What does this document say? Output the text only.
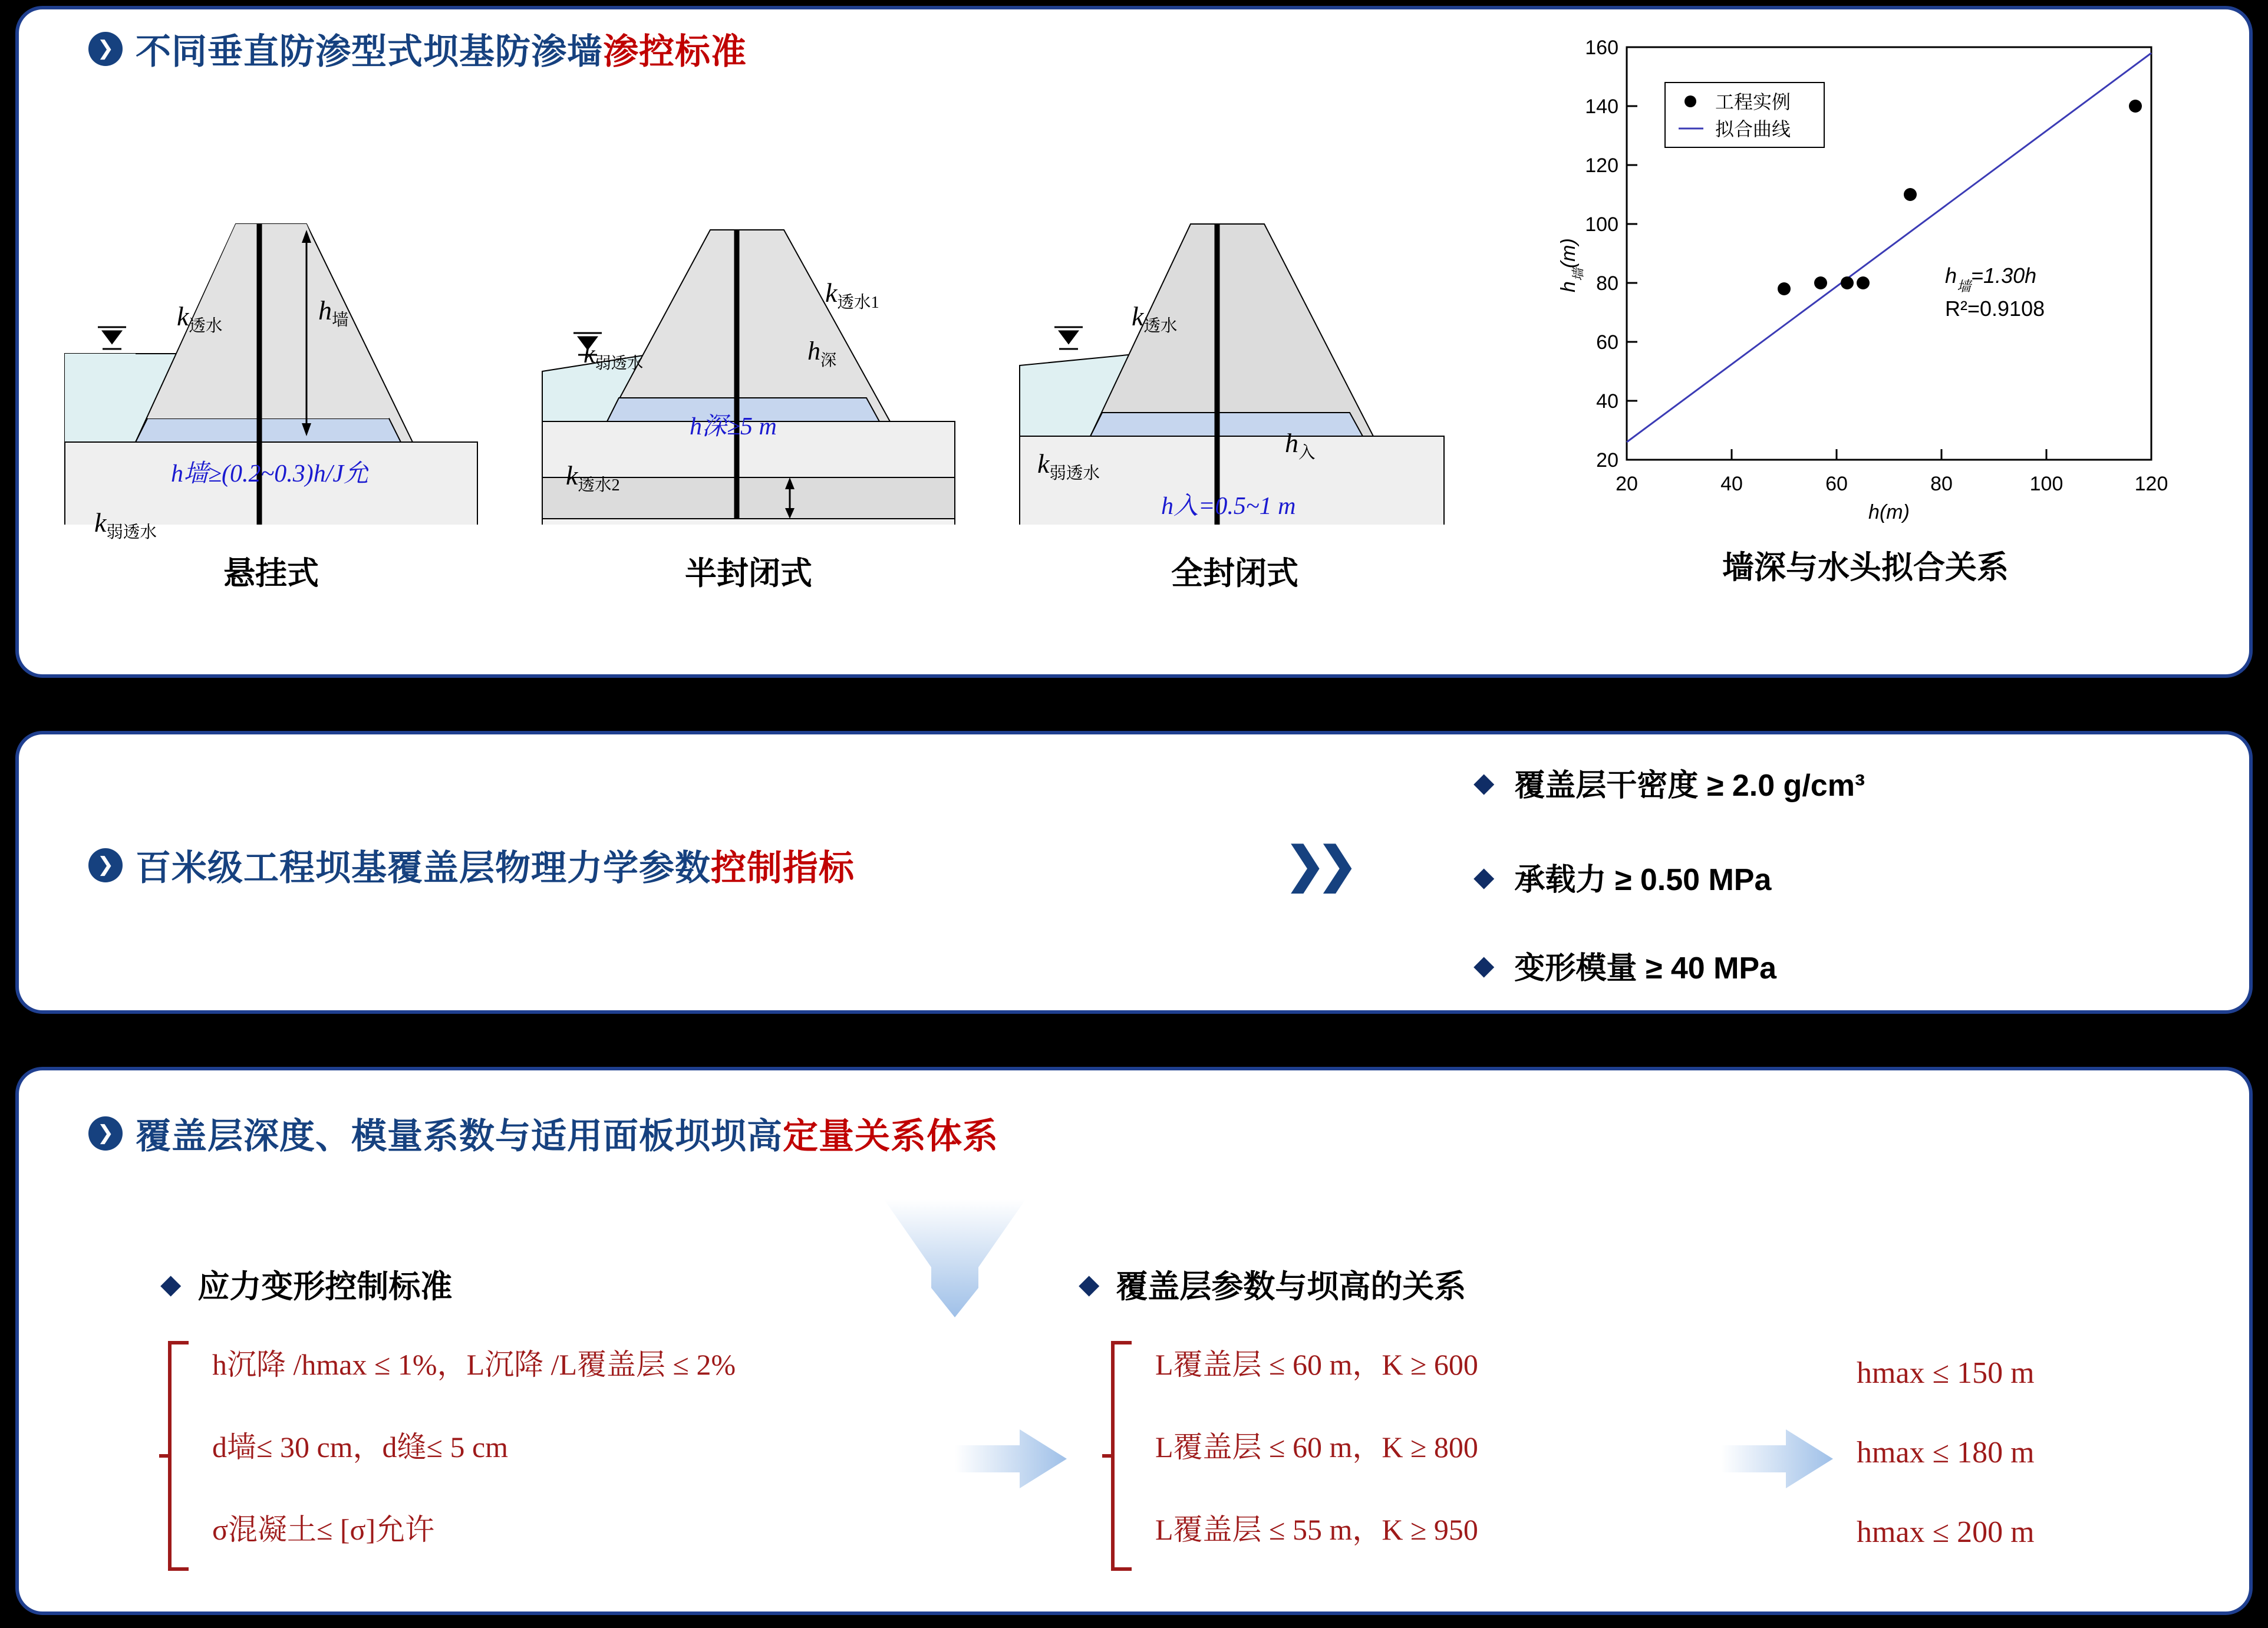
❯ 不同垂直防渗型式坝基防渗墙渗控标准
$k_{透水}$
$h_墙$
$k_{弱透水}$
h墙≥(0.2~0.3)h/J允
悬挂式
$k_{透水1}$
$k_{弱透水}$	$h_深$
$k_{透水2}$
h深≥5 m
半封闭式
$k_{透水}$
$k_{弱透水}$
$h_入$
h入=0.5~1 m
全封闭式
20
40
60
80
100
120
140
160
20	40	60	80	100	120
h(m)
$h_墙(m)$
工程实例
拟合曲线
$h_墙=1.30h$
R²=0.9108
墙深与水头拟合关系
❯ 百米级工程坝基覆盖层物理力学参数控制指标	❯❯
◆ 覆盖层干密度 ≥ 2.0 g/cm³
◆ 承载力 ≥ 0.50 MPa
◆ 变形模量 ≥ 40 MPa
❯ 覆盖层深度、模量系数与适用面板坝坝高定量关系体系
◆ 应力变形控制标准	◆ 覆盖层参数与坝高的关系
h沉降 /hmax ≤ 1%，L沉降 /L覆盖层 ≤ 2%
d墙≤ 30 cm，d缝≤ 5 cm
σ混凝土≤ [σ]允许
L覆盖层 ≤ 60 m，K ≥ 600
L覆盖层 ≤ 60 m，K ≥ 800
L覆盖层 ≤ 55 m，K ≥ 950
hmax ≤ 150 m
hmax ≤ 180 m
hmax ≤ 200 m
